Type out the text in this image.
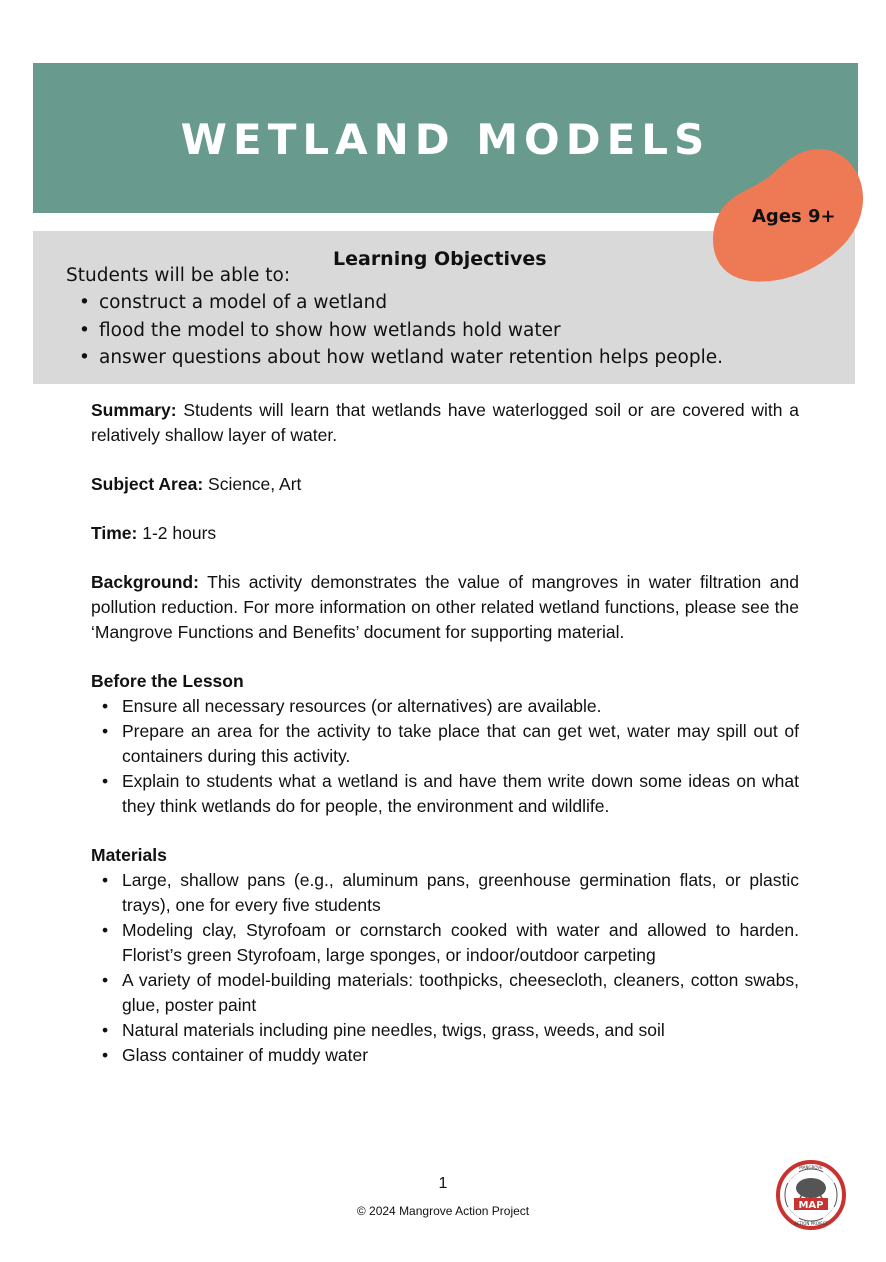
WETLAND MODELS
Learning Objectives
Students will be able to:
• construct a model of a wetland
• flood the model to show how wetlands hold water
• answer questions about how wetland water retention helps people.
Ages 9+

Summary: Students will learn that wetlands have waterlogged soil or are covered with a relatively shallow layer of water.

Subject Area: Science, Art

Time: 1-2 hours

Background: This activity demonstrates the value of mangroves in water filtration and pollution reduction. For more information on other related wetland functions, please see the ‘Mangrove Functions and Benefits’ document for supporting material.

Before the Lesson
• Ensure all necessary resources (or alternatives) are available.
• Prepare an area for the activity to take place that can get wet, water may spill out of containers during this activity.
• Explain to students what a wetland is and have them write down some ideas on what they think wetlands do for people, the environment and wildlife.
Materials
• Large, shallow pans (e.g., aluminum pans, greenhouse germination flats, or plastic trays), one for every five students
• Modeling clay, Styrofoam or cornstarch cooked with water and allowed to harden. Florist’s green Styrofoam, large sponges, or indoor/outdoor carpeting
• A variety of model-building materials: toothpicks, cheesecloth, cleaners, cotton swabs, glue, poster paint
• Natural materials including pine needles, twigs, grass, weeds, and soil
• Glass container of muddy water
1
© 2024 Mangrove Action Project	MAP
MANGROVE
ACTION PROJECT
